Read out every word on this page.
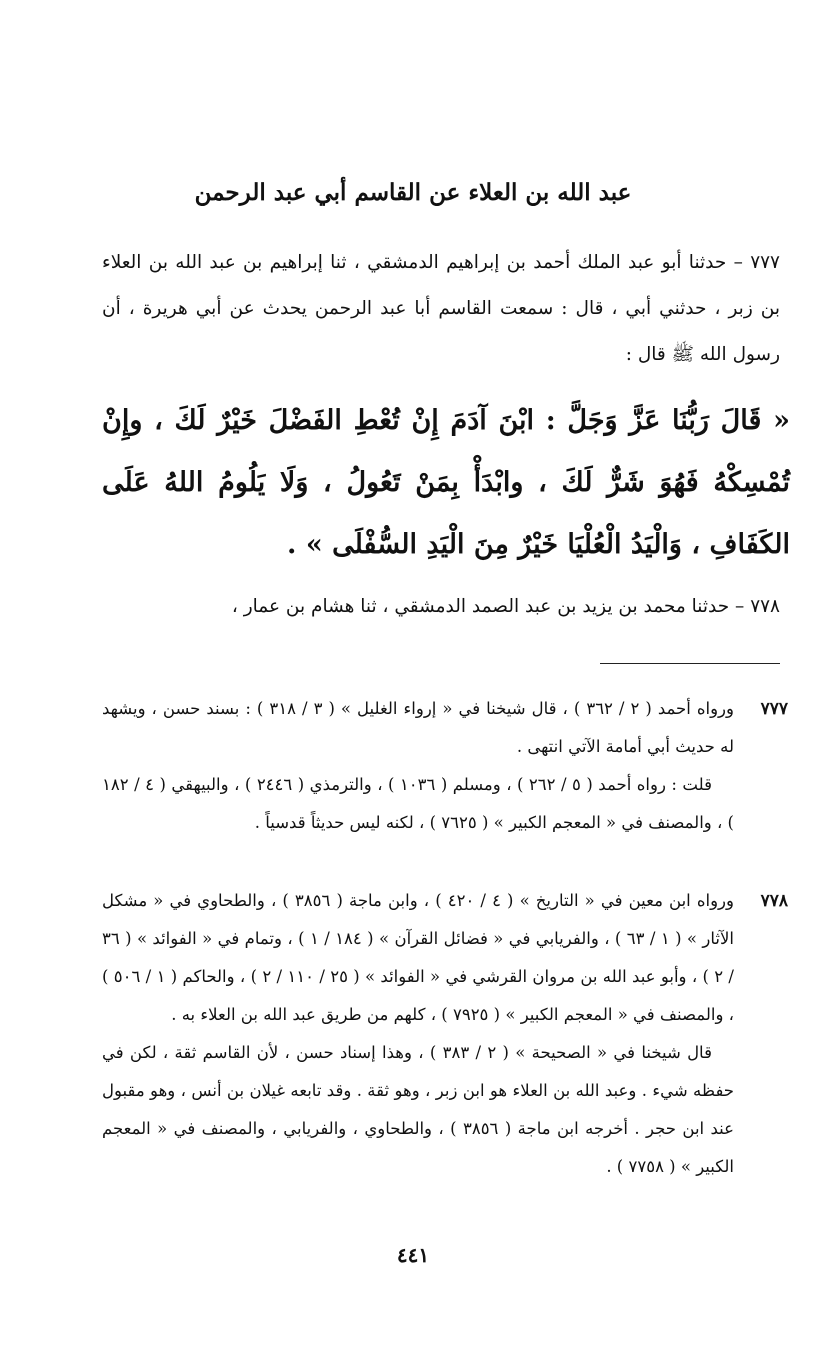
عبد الله بن العلاء عن القاسم أبي عبد الرحمن

٧٧٧ – حدثنا أبو عبد الملك أحمد بن إبراهيم الدمشقي ، ثنا إبراهيم بن عبد الله بن العلاء بن زبر ، حدثني أبي ، قال : سمعت القاسم أبا عبد الرحمن يحدث عن أبي هريرة ، أن رسول الله ﷺ قال :

« قَالَ رَبُّنَا عَزَّ وَجَلَّ : ابْنَ آدَمَ إِنْ تُعْطِ الفَضْلَ خَيْرٌ لَكَ ، وإِنْ تُمْسِكْهُ فَهُوَ شَرٌّ لَكَ ، وابْدَأْ بِمَنْ تَعُولُ ، وَلَا يَلُومُ اللهُ عَلَى الكَفَافِ ، وَالْيَدُ الْعُلْيَا خَيْرٌ مِنَ الْيَدِ السُّفْلَى » .

٧٧٨ – حدثنا محمد بن يزيد بن عبد الصمد الدمشقي ، ثنا هشام بن عمار ،

٧٧٧

ورواه أحمد ( ٢ / ٣٦٢ ) ، قال شيخنا في « إرواء الغليل » ( ٣ / ٣١٨ ) : بسند حسن ، ويشهد له حديث أبي أمامة الآتي انتهى .

قلت : رواه أحمد ( ٥ / ٢٦٢ ) ، ومسلم ( ١٠٣٦ ) ، والترمذي ( ٢٤٤٦ ) ، والبيهقي ( ٤ / ١٨٢ ) ، والمصنف في « المعجم الكبير » ( ٧٦٢٥ ) ، لكنه ليس حديثاً قدسياً .

٧٧٨

ورواه ابن معين في « التاريخ » ( ٤ / ٤٢٠ ) ، وابن ماجة ( ٣٨٥٦ ) ، والطحاوي في « مشكل الآثار » ( ١ / ٦٣ ) ، والفريابي في « فضائل القرآن » ( ١٨٤ / ١ ) ، وتمام في « الفوائد » ( ٣٦ / ٢ ) ، وأبو عبد الله بن مروان القرشي في « الفوائد » ( ٢٥ / ١١٠ / ٢ ) ، والحاكم ( ١ / ٥٠٦ ) ، والمصنف في « المعجم الكبير » ( ٧٩٢٥ ) ، كلهم من طريق عبد الله بن العلاء به .

قال شيخنا في « الصحيحة » ( ٢ / ٣٨٣ ) ، وهذا إسناد حسن ، لأن القاسم ثقة ، لكن في حفظه شيء . وعبد الله بن العلاء هو ابن زبر ، وهو ثقة . وقد تابعه غيلان بن أنس ، وهو مقبول عند ابن حجر . أخرجه ابن ماجة ( ٣٨٥٦ ) ، والطحاوي ، والفريابي ، والمصنف في « المعجم الكبير » ( ٧٧٥٨ ) .

٤٤١
